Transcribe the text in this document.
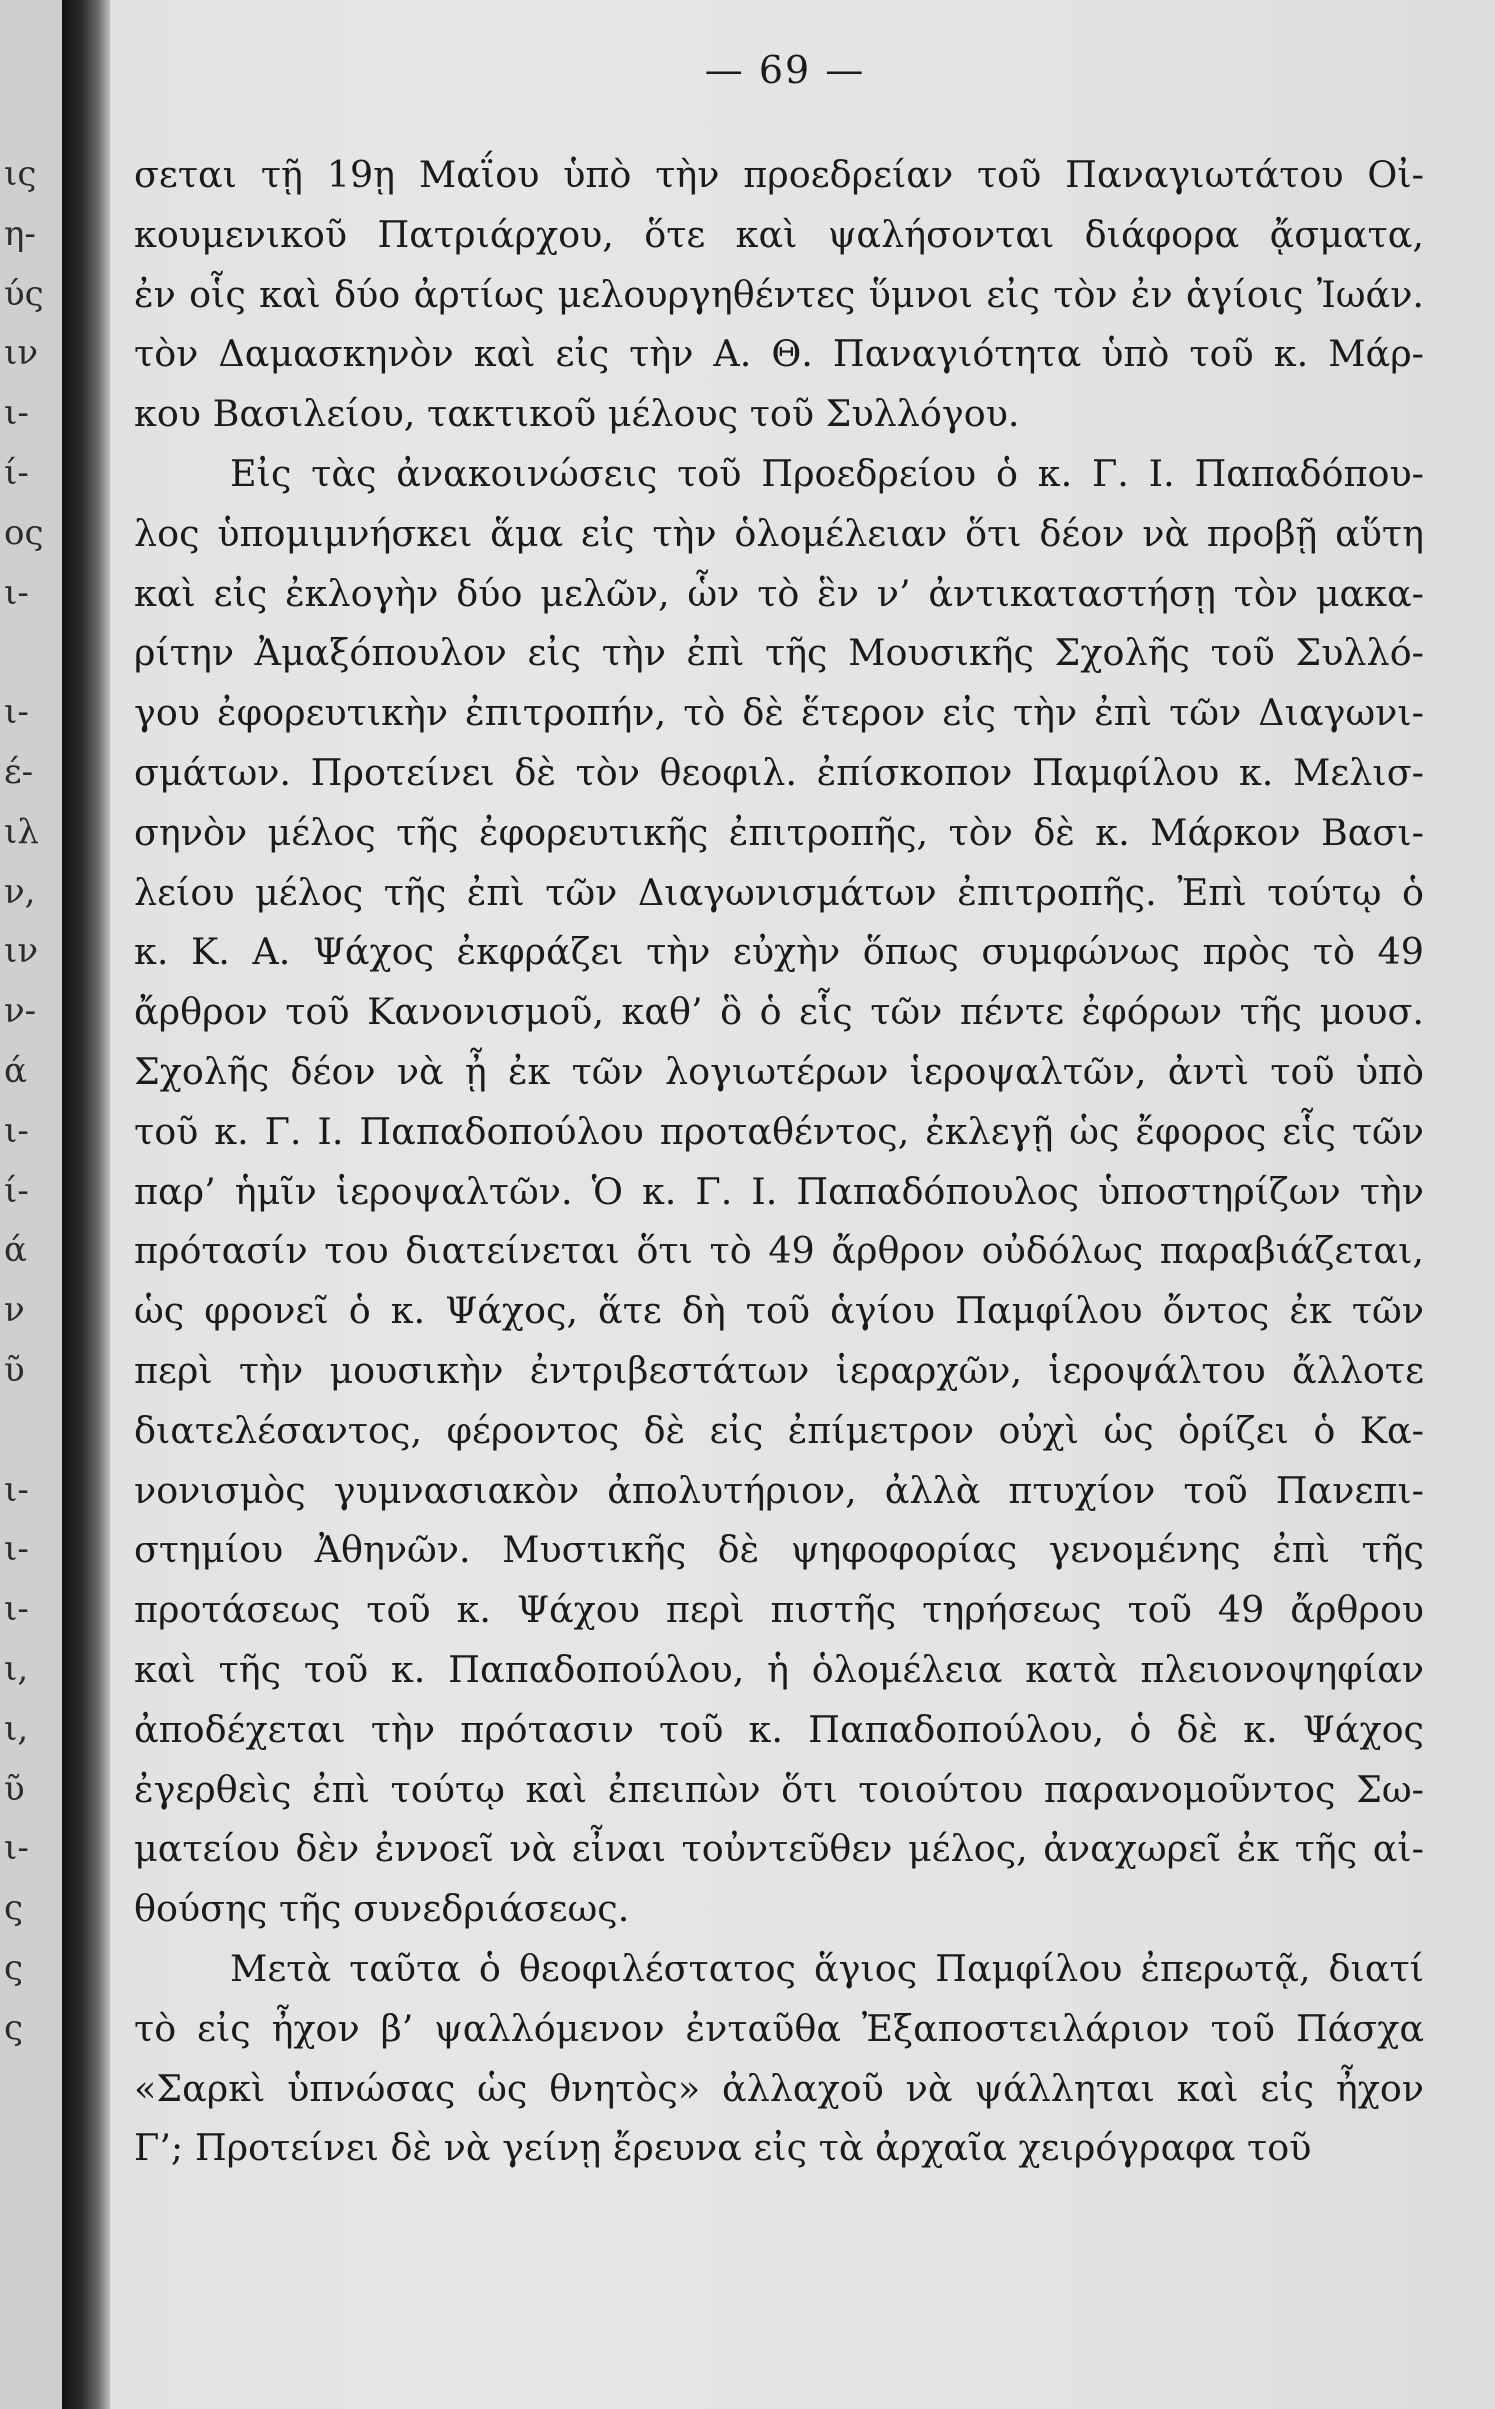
ις
η-
ύς
ιν
ι-
ί-
ος
ι-
ι-
έ-
ιλ
ν,
ιν
ν-
ά
ι-
ί-
ά
ν
ῦ
ι-
ι-
ι-
ι,
ι,
ῦ
ι-
ς
ς
ς
— 69 —
σεται τῇ 19ῃ Μαΐου ὑπὸ τὴν προεδρείαν τοῦ Παναγιωτάτου Οἰ-
κουμενικοῦ Πατριάρχου, ὅτε καὶ ψαλήσονται διάφορα ᾄσματα,
ἐν οἷς καὶ δύο ἀρτίως μελουργηθέντες ὕμνοι εἰς τὸν ἐν ἁγίοις Ἰωάν.
τὸν Δαμασκηνὸν καὶ εἰς τὴν Α. Θ. Παναγιότητα ὑπὸ τοῦ κ. Μάρ-
κου Βασιλείου, τακτικοῦ μέλους τοῦ Συλλόγου.
Εἰς τὰς ἀνακοινώσεις τοῦ Προεδρείου ὁ κ. Γ. Ι. Παπαδόπου-
λος ὑπομιμνήσκει ἅμα εἰς τὴν ὁλομέλειαν ὅτι δέον νὰ προβῇ αὕτη
καὶ εἰς ἐκλογὴν δύο μελῶν, ὧν τὸ ἓν ν’ ἀντικαταστήσῃ τὸν μακα-
ρίτην Ἀμαξόπουλον εἰς τὴν ἐπὶ τῆς Μουσικῆς Σχολῆς τοῦ Συλλό-
γου ἐφορευτικὴν ἐπιτροπήν, τὸ δὲ ἕτερον εἰς τὴν ἐπὶ τῶν Διαγωνι-
σμάτων. Προτείνει δὲ τὸν θεοφιλ. ἐπίσκοπον Παμφίλου κ. Μελισ-
σηνὸν μέλος τῆς ἐφορευτικῆς ἐπιτροπῆς, τὸν δὲ κ. Μάρκον Βασι-
λείου μέλος τῆς ἐπὶ τῶν Διαγωνισμάτων ἐπιτροπῆς. Ἐπὶ τούτῳ ὁ
κ. Κ. Α. Ψάχος ἐκφράζει τὴν εὐχὴν ὅπως συμφώνως πρὸς τὸ 49
ἄρθρον τοῦ Κανονισμοῦ, καθ’ ὃ ὁ εἷς τῶν πέντε ἐφόρων τῆς μουσ.
Σχολῆς δέον νὰ ᾖ ἐκ τῶν λογιωτέρων ἱεροψαλτῶν, ἀντὶ τοῦ ὑπὸ
τοῦ κ. Γ. Ι. Παπαδοπούλου προταθέντος, ἐκλεγῇ ὡς ἔφορος εἷς τῶν
παρ’ ἡμῖν ἱεροψαλτῶν. Ὁ κ. Γ. Ι. Παπαδόπουλος ὑποστηρίζων τὴν
πρότασίν του διατείνεται ὅτι τὸ 49 ἄρθρον οὐδόλως παραβιάζεται,
ὡς φρονεῖ ὁ κ. Ψάχος, ἅτε δὴ τοῦ ἁγίου Παμφίλου ὄντος ἐκ τῶν
περὶ τὴν μουσικὴν ἐντριβεστάτων ἱεραρχῶν, ἱεροψάλτου ἄλλοτε
διατελέσαντος, φέροντος δὲ εἰς ἐπίμετρον οὐχὶ ὡς ὁρίζει ὁ Κα-
νονισμὸς γυμνασιακὸν ἀπολυτήριον, ἀλλὰ πτυχίον τοῦ Πανεπι-
στημίου Ἀθηνῶν. Μυστικῆς δὲ ψηφοφορίας γενομένης ἐπὶ τῆς
προτάσεως τοῦ κ. Ψάχου περὶ πιστῆς τηρήσεως τοῦ 49 ἄρθρου
καὶ τῆς τοῦ κ. Παπαδοπούλου, ἡ ὁλομέλεια κατὰ πλειονοψηφίαν
ἀποδέχεται τὴν πρότασιν τοῦ κ. Παπαδοπούλου, ὁ δὲ κ. Ψάχος
ἐγερθεὶς ἐπὶ τούτῳ καὶ ἐπειπὼν ὅτι τοιούτου παρανομοῦντος Σω-
ματείου δὲν ἐννοεῖ νὰ εἶναι τοὐντεῦθεν μέλος, ἀναχωρεῖ ἐκ τῆς αἰ-
θούσης τῆς συνεδριάσεως.
Μετὰ ταῦτα ὁ θεοφιλέστατος ἅγιος Παμφίλου ἐπερωτᾷ, διατί
τὸ εἰς ἦχον β’ ψαλλόμενον ἐνταῦθα Ἐξαποστειλάριον τοῦ Πάσχα
«Σαρκὶ ὑπνώσας ὡς θνητὸς» ἀλλαχοῦ νὰ ψάλληται καὶ εἰς ἦχον
Γ’; Προτείνει δὲ νὰ γείνῃ ἔρευνα εἰς τὰ ἀρχαῖα χειρόγραφα τοῦ
